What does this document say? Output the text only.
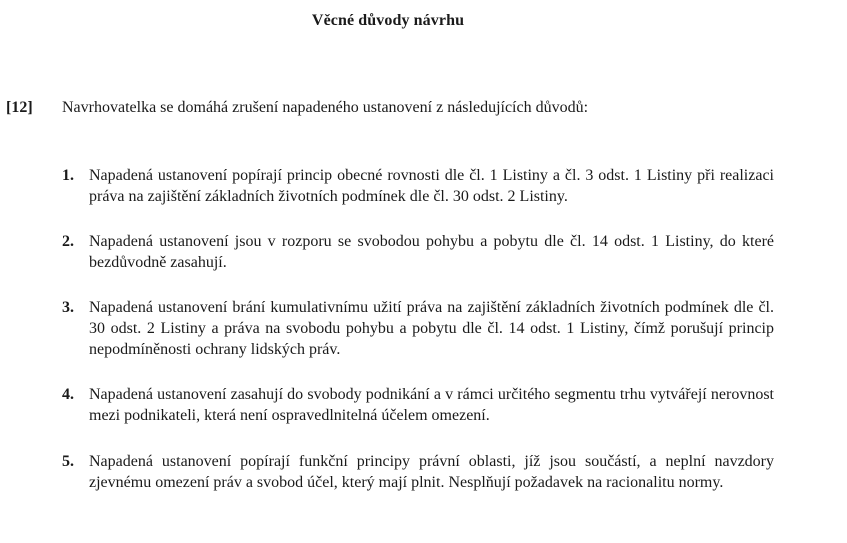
Věcné důvody návrhu
[12] Navrhovatelka se domáhá zrušení napadeného ustanovení z následujících důvodů:
1. Napadená ustanovení popírají princip obecné rovnosti dle čl. 1 Listiny a čl. 3 odst. 1 Listiny při realizaci práva na zajištění základních životních podmínek dle čl. 30 odst. 2 Listiny.
2. Napadená ustanovení jsou v rozporu se svobodou pohybu a pobytu dle čl. 14 odst. 1 Listiny, do které bezdůvodně zasahují.
3. Napadená ustanovení brání kumulativnímu užití práva na zajištění základních životních podmínek dle čl. 30 odst. 2 Listiny a práva na svobodu pohybu a pobytu dle čl. 14 odst. 1 Listiny, čímž porušují princip nepodmíněnosti ochrany lidských práv.
4. Napadená ustanovení zasahují do svobody podnikání a v rámci určitého segmentu trhu vytvářejí nerovnost mezi podnikateli, která není ospravedlnitelná účelem omezení.
5. Napadená ustanovení popírají funkční principy právní oblasti, jíž jsou součástí, a neplní navzdory zjevnému omezení práv a svobod účel, který mají plnit. Nesplňují požadavek na racionalitu normy.
